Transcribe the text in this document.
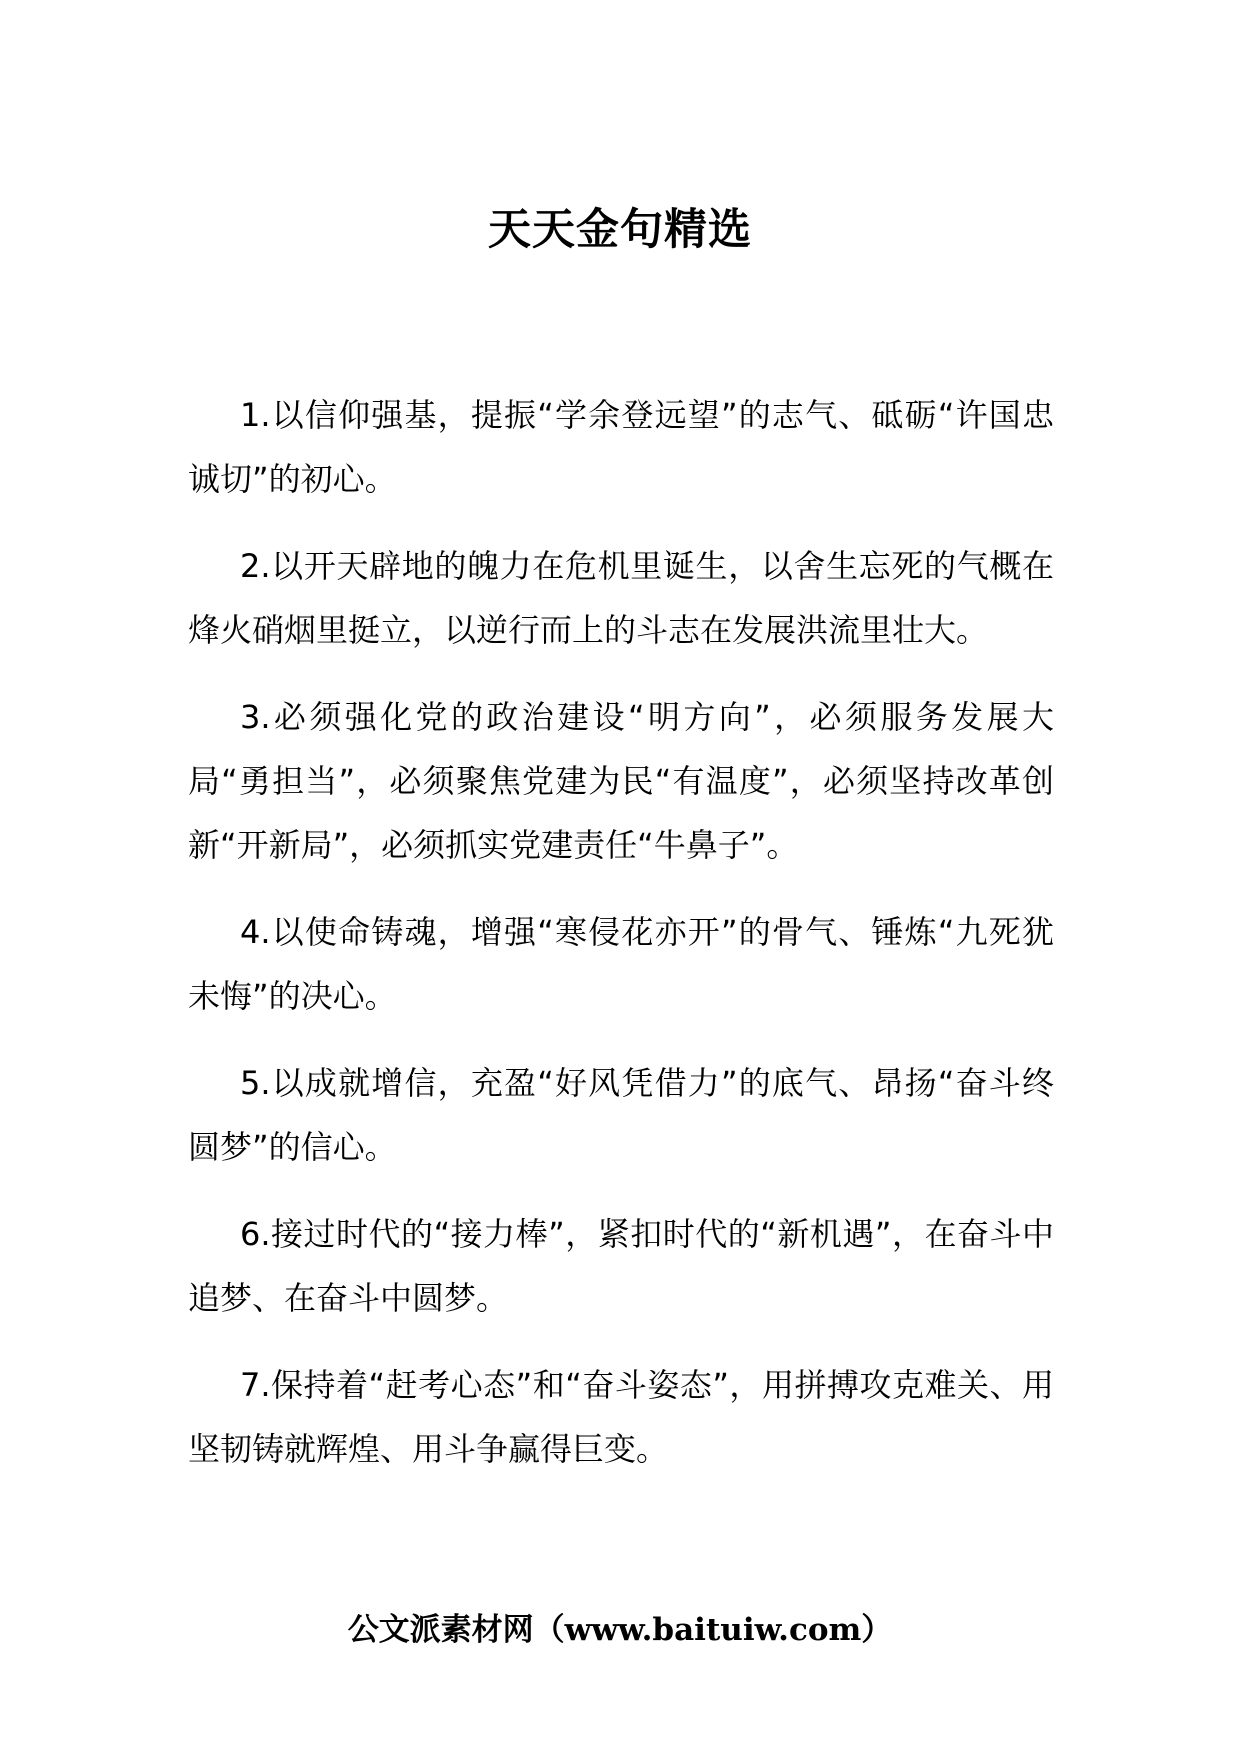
天天金句精选

1.以信仰强基，提振“学余登远望”的志气、砥砺“许国忠诚切”的初心。

2.以开天辟地的魄力在危机里诞生，以舍生忘死的气概在烽火硝烟里挺立，以逆行而上的斗志在发展洪流里壮大。

3.必须强化党的政治建设“明方向”，必须服务发展大局“勇担当”，必须聚焦党建为民“有温度”，必须坚持改革创新“开新局”，必须抓实党建责任“牛鼻子”。

4.以使命铸魂，增强“寒侵花亦开”的骨气、锤炼“九死犹未悔”的决心。

5.以成就增信，充盈“好风凭借力”的底气、昂扬“奋斗终圆梦”的信心。

6.接过时代的“接力棒”，紧扣时代的“新机遇”，在奋斗中追梦、在奋斗中圆梦。

7.保持着“赶考心态”和“奋斗姿态”，用拼搏攻克难关、用坚韧铸就辉煌、用斗争赢得巨变。

公文派素材网（www.baituiw.com）
